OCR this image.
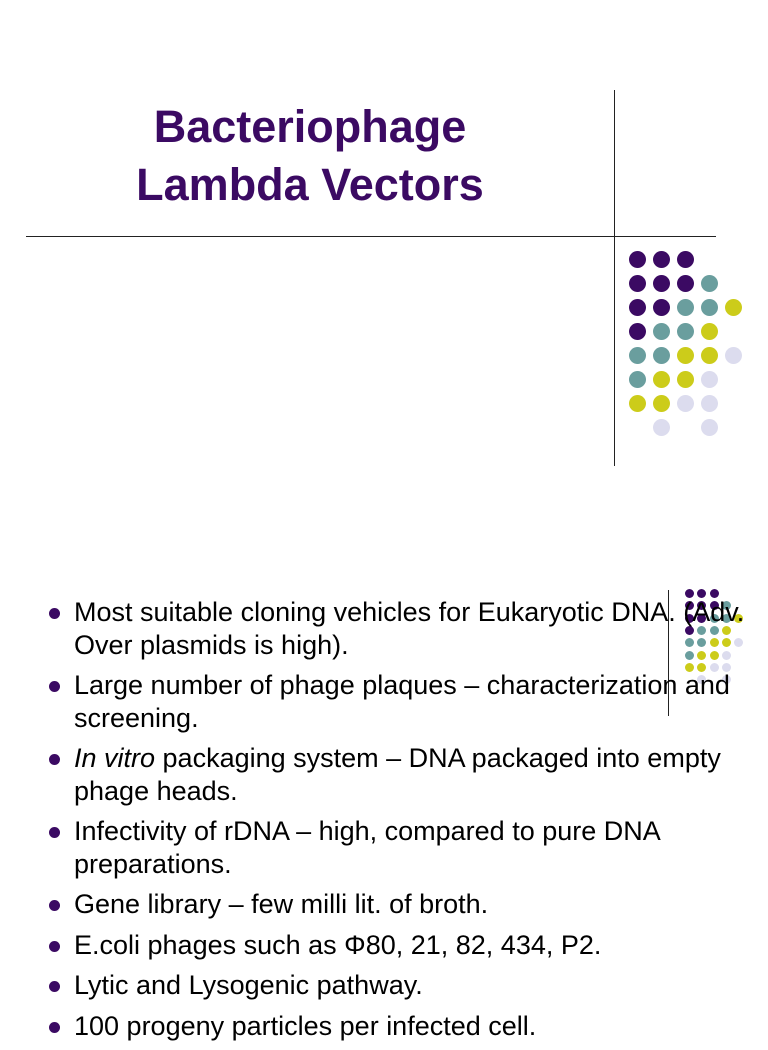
Bacteriophage
Lambda Vectors
Most suitable cloning vehicles for Eukaryotic DNA. (Adv. Over plasmids is high).
Large number of phage plaques – characterization and screening.
In vitro packaging system – DNA packaged into empty phage heads.
Infectivity of rDNA – high, compared to pure DNA preparations.
Gene library – few milli lit. of broth.
E.coli phages such as Φ80, 21, 82, 434, P2.
Lytic and Lysogenic pathway.
100 progeny particles per infected cell.
